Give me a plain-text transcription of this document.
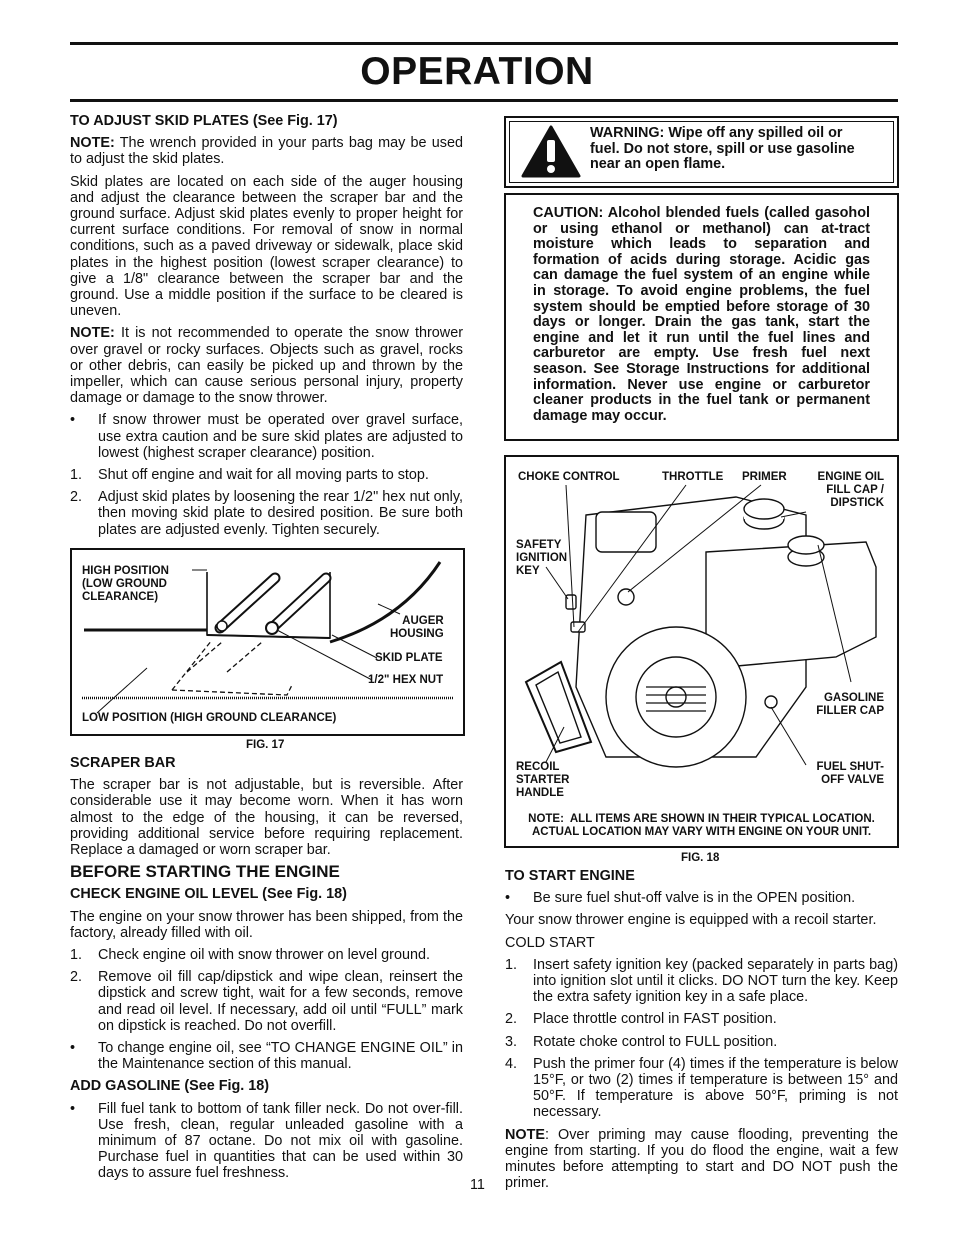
OPERATION

TO ADJUST SKID PLATES (See Fig. 17)

NOTE: The wrench provided in your parts bag may be used to adjust the skid plates.

Skid plates are located on each side of the auger housing and adjust the clearance between the scraper bar and the ground surface. Adjust skid plates evenly to proper height for current surface conditions. For removal of snow in normal conditions, such as a paved driveway or sidewalk, place skid plates in the highest position (lowest scraper clearance) to give a 1/8" clearance between the scraper bar and the ground. Use a middle position if the surface to be cleared is uneven.

NOTE: It is not recommended to operate the snow thrower over gravel or rocky surfaces. Objects such as gravel, rocks or other debris, can easily be picked up and thrown by the impeller, which can cause serious personal injury, property damage or damage to the snow thrower.

• If snow thrower must be operated over gravel surface, use extra caution and be sure skid plates are adjusted to lowest (highest scraper clearance) position.
1. Shut off engine and wait for all moving parts to stop.
2. Adjust skid plates by loosening the rear 1/2" hex nut only, then moving skid plate to desired position. Be sure both plates are adjusted evenly. Tighten securely.
HIGH POSITION
(LOW GROUND
CLEARANCE)
AUGER
HOUSING
SKID PLATE
1/2" HEX NUT
LOW POSITION (HIGH GROUND CLEARANCE)
FIG. 17

SCRAPER BAR

The scraper bar is not adjustable, but is reversible. After considerable use it may become worn. When it has worn almost to the edge of the housing, it can be reversed, providing additional service before requiring replacement. Replace a damaged or worn scraper bar.

BEFORE STARTING THE ENGINE

CHECK ENGINE OIL LEVEL (See Fig. 18)

The engine on your snow thrower has been shipped, from the factory, already filled with oil.

1. Check engine oil with snow thrower on level ground.
2. Remove oil fill cap/dipstick and wipe clean, reinsert the dipstick and screw tight, wait for a few seconds, remove and read oil level. If necessary, add oil until “FULL” mark on dipstick is reached. Do not overfill.
• To change engine oil, see “TO CHANGE ENGINE OIL” in the Maintenance section of this manual.

ADD GASOLINE (See Fig. 18)

• Fill fuel tank to bottom of tank filler neck. Do not over-fill. Use fresh, clean, regular unleaded gasoline with a minimum of 87 octane. Do not mix oil with gasoline. Purchase fuel in quantities that can be used within 30 days to assure fuel freshness.
WARNING: Wipe off any spilled oil or fuel. Do not store, spill or use gasoline near an open flame.
CAUTION: Alcohol blended fuels (called gasohol or using ethanol or methanol) can at-tract moisture which leads to separation and formation of acids during storage. Acidic gas can damage the fuel system of an engine while in storage. To avoid engine problems, the fuel system should be emptied before storage of 30 days or longer. Drain the gas tank, start the engine and let it run until the fuel lines and carburetor are empty. Use fresh fuel next season. See Storage Instructions for additional information. Never use engine or carburetor cleaner products in the fuel tank or permanent damage may occur.
CHOKE CONTROL	THROTTLE PRIMER	ENGINE OIL
FILL CAP /
DIPSTICK
SAFETY
IGNITION
KEY
GASOLINE
FILLER CAP
RECOIL
STARTER
HANDLE
FUEL SHUT-
OFF VALVE
NOTE:  ALL ITEMS ARE SHOWN IN THEIR TYPICAL LOCATION.
ACTUAL LOCATION MAY VARY WITH ENGINE ON YOUR UNIT.
FIG. 18

TO START ENGINE

• Be sure fuel shut-off valve is in the OPEN position.

Your snow thrower engine is equipped with a recoil starter.

COLD START

1. Insert safety ignition key (packed separately in parts bag) into ignition slot until it clicks. DO NOT turn the key. Keep the extra safety ignition key in a safe place.
2. Place throttle control in FAST position.
3. Rotate choke control to FULL position.
4. Push the primer four (4) times if the temperature is below 15°F, or two (2) times if temperature is between 15° and 50°F. If temperature is above 50°F, priming is not necessary.

NOTE: Over priming may cause flooding, preventing the engine from starting. If you do flood the engine, wait a few minutes before attempting to start and DO NOT push the primer.

11
